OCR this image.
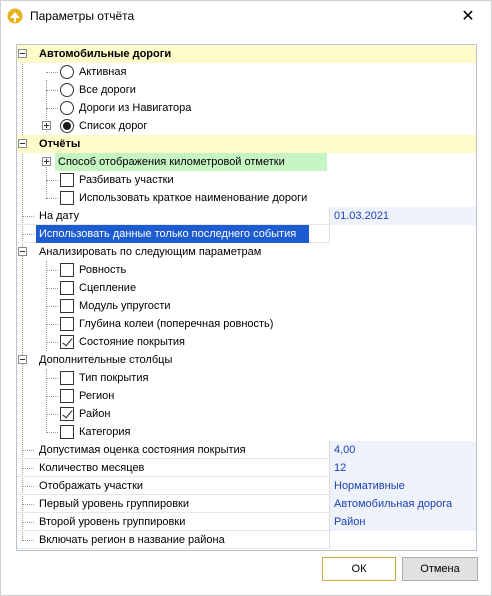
Параметры отчёта	✕
Автомобильные дороги
Активная
Все дороги
Дороги из Навигатора
Список дорог
Отчёты
Способ отображения километровой отметки
Разбивать участки
Использовать краткое наименование дороги
На дату	01.03.2021
Использовать данные только последнего события
Анализировать по следующим параметрам
Ровность
Сцепление
Модуль упругости
Глубина колеи (поперечная ровность)
Состояние покрытия
Дополнительные столбцы
Тип покрытия
Регион
Район
Категория
Допустимая оценка состояния покрытия	4,00
Количество месяцев	12
Отображать участки	Нормативные
Первый уровень группировки	Автомобильная дорога
Второй уровень группировки	Район
Включать регион в название района
ОК	Отмена
